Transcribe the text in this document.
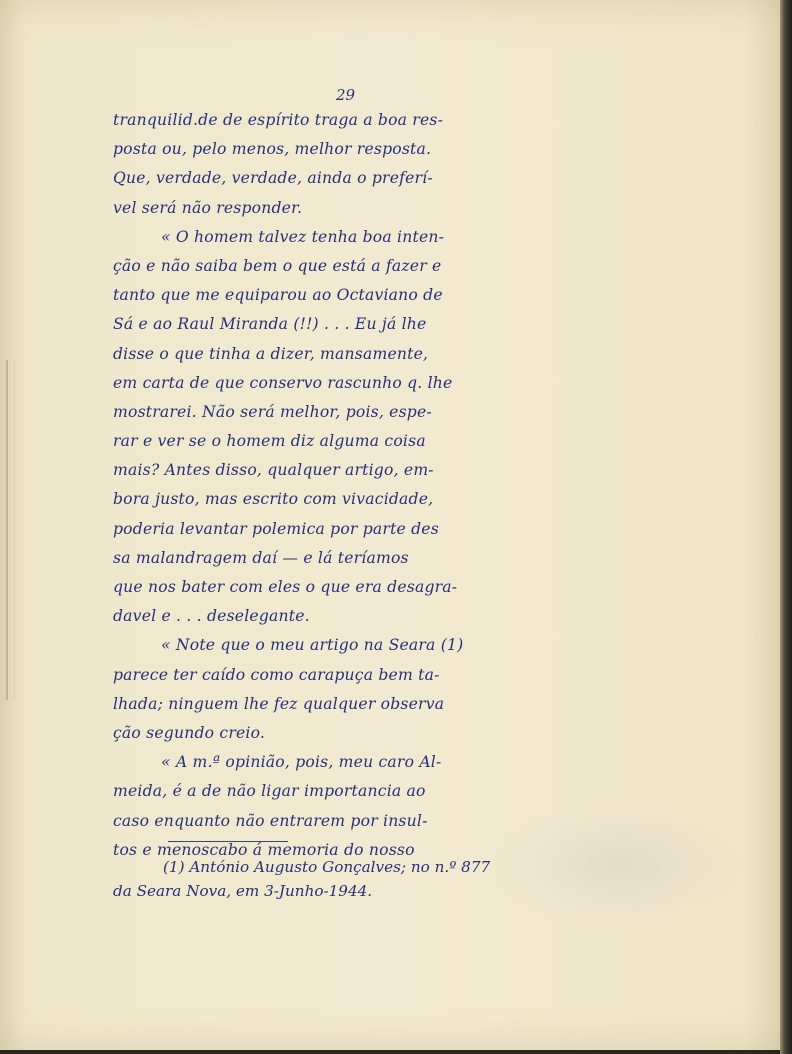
29
tranquilid.de de espírito traga a boa res-
posta ou, pelo menos, melhor resposta.
Que, verdade, verdade, ainda o preferí-
vel será não responder.
« O homem talvez tenha boa inten-
ção e não saiba bem o que está a fazer e
tanto que me equiparou ao Octaviano de
Sá e ao Raul Miranda (!!) . . . Eu já lhe
disse o que tinha a dizer, mansamente,
em carta de que conservo rascunho q. lhe
mostrarei. Não será melhor, pois, espe-
rar e ver se o homem diz alguma coisa
mais? Antes disso, qualquer artigo, em-
bora justo, mas escrito com vivacidade,
poderia levantar polemica por parte des
sa malandragem daí — e lá teríamos
que nos bater com eles o que era desagra-
davel e . . . deselegante.
« Note que o meu artigo na Seara (1)
parece ter caído como carapuça bem ta-
lhada; ninguem lhe fez qualquer observa
ção segundo creio.
« A m.ª opinião, pois, meu caro Al-
meida, é a de não ligar importancia ao
caso enquanto não entrarem por insul-
tos e menoscabo á memoria do nosso
(1) António Augusto Gonçalves; no n.º 877
da Seara Nova, em 3-Junho-1944.
